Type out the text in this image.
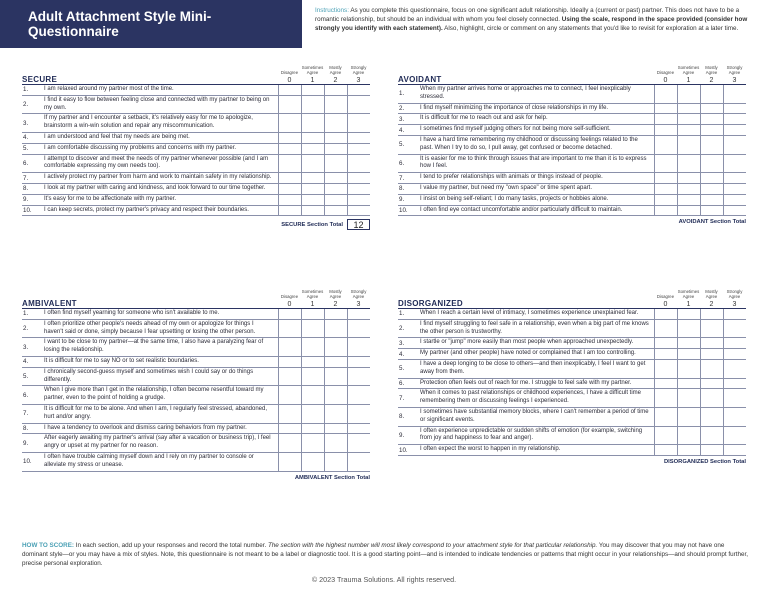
Adult Attachment Style Mini-Questionnaire
Instructions: As you complete this questionnaire, focus on one significant adult relationship. Ideally a (current or past) partner. This does not have to be a romantic relationship, but should be an individual with whom you feel closely connected. Using the scale, respond in the space provided (consider how strongly you identify with each statement). Also, highlight, circle or comment on any statements that you'd like to revisit for exploration at a later time.
SECURE
Disagree
0
Sometimes Agree
1
Mostly Agree
2
Strongly Agree
3
1.	I am relaxed around my partner most of the time.
2.
I find it easy to flow between feeling close and connected with my partner to being on my own.
3.
If my partner and I encounter a setback, it's relatively easy for me to apologize, brainstorm a win-win solution and repair any miscommunication.
4.	I am understood and feel that my needs are being met.
5.	I am comfortable discussing my problems and concerns with my partner.
6.
I attempt to discover and meet the needs of my partner whenever possible (and I am comfortable expressing my own needs too).
7.	I actively protect my partner from harm and work to maintain safety in my relationship.
8.	I look at my partner with caring and kindness, and look forward to our time together.
9.	It's easy for me to be affectionate with my partner.
10.	I can keep secrets, protect my partner's privacy and respect their boundaries.
SECURE Section Total	12
AVOIDANT
Disagree
0
Sometimes Agree
1
Mostly Agree
2
Strongly Agree
3
1.
When my partner arrives home or approaches me to connect, I feel inexplicably stressed.
2.	I find myself minimizing the importance of close relationships in my life.
3.	It is difficult for me to reach out and ask for help.
4.	I sometimes find myself judging others for not being more self-sufficient.
5.
I have a hard time remembering my childhood or discussing feelings related to the past. When I try to do so, I pull away, get confused or become detached.
6.
It is easier for me to think through issues that are important to me than it is to express how I feel.
7.	I tend to prefer relationships with animals or things instead of people.
8.	I value my partner, but need my "own space" or time spent apart.
9.	I insist on being self-reliant; I do many tasks, projects or hobbies alone.
10.	I often find eye contact uncomfortable and/or particularly difficult to maintain.
AVOIDANT Section Total
AMBIVALENT
Disagree
0
Sometimes Agree
1
Mostly Agree
2
Strongly Agree
3
1.	I often find myself yearning for someone who isn't available to me.
2.
I often prioritize other people's needs ahead of my own or apologize for things I haven't said or done, simply because I fear upsetting or losing the other person.
3.
I want to be close to my partner—at the same time, I also have a paralyzing fear of losing the relationship.
4.	It is difficult for me to say NO or to set realistic boundaries.
5.
I chronically second-guess myself and sometimes wish I could say or do things differently.
6.
When I give more than I get in the relationship, I often become resentful toward my partner, even to the point of holding a grudge.
7.
It is difficult for me to be alone. And when I am, I regularly feel stressed, abandoned, hurt and/or angry.
8.	I have a tendency to overlook and dismiss caring behaviors from my partner.
9.
After eagerly awaiting my partner's arrival (say after a vacation or business trip), I feel angry or upset at my partner for no reason.
10.
I often have trouble calming myself down and I rely on my partner to console or alleviate my stress or unease.
AMBIVALENT Section Total
DISORGANIZED
Disagree
0
Sometimes Agree
1
Mostly Agree
2
Strongly Agree
3
1.	When I reach a certain level of intimacy, I sometimes experience unexplained fear.
2.
I find myself struggling to feel safe in a relationship, even when a big part of me knows the other person is trustworthy.
3.	I startle or "jump" more easily than most people when approached unexpectedly.
4.	My partner (and other people) have noted or complained that I am too controlling.
5.
I have a deep longing to be close to others—and then inexplicably, I feel I want to get away from them.
6.	Protection often feels out of reach for me. I struggle to feel safe with my partner.
7.
When it comes to past relationships or childhood experiences, I have a difficult time remembering them or discussing feelings I experienced.
8.
I sometimes have substantial memory blocks, where I can't remember a period of time or significant events.
9.
I often experience unpredictable or sudden shifts of emotion (for example, switching from joy and happiness to fear and anger).
10.	I often expect the worst to happen in my relationship.
DISORGANIZED Section Total
HOW TO SCORE: In each section, add up your responses and record the total number. The section with the highest number will most likely correspond to your attachment style for that particular relationship. You may discover that you may not have one dominant style—or you may have a mix of styles. Note, this questionnaire is not meant to be a label or diagnostic tool. It is a good starting point—and is intended to indicate tendencies or patterns that might occur in your relationships—and should prompt further, precise personal exploration.
© 2023 Trauma Solutions. All rights reserved.
